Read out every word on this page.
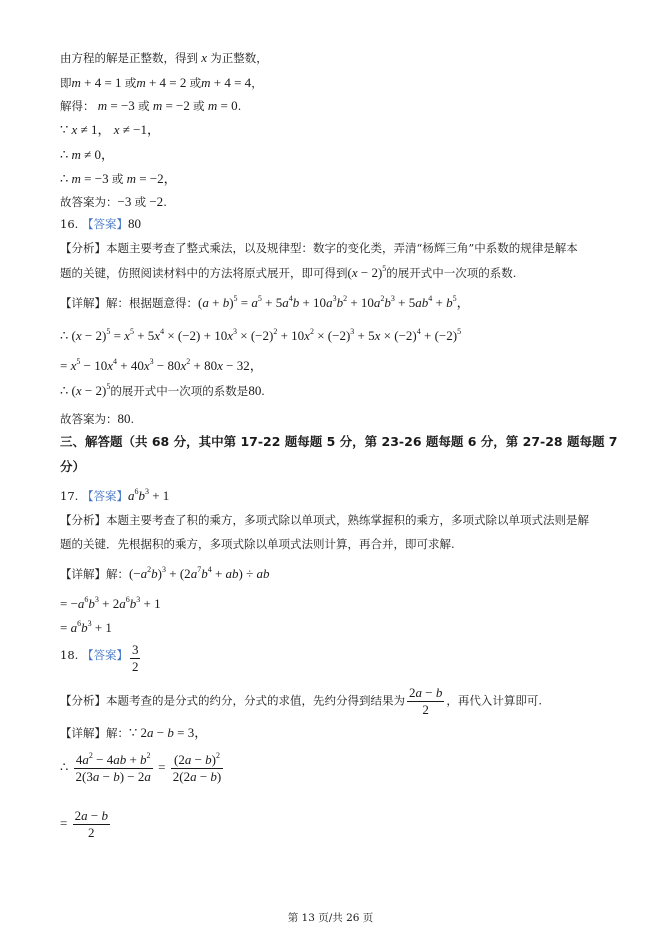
由方程的解是正整数，得到 x 为正整数，
即m + 4 = 1 或m + 4 = 2 或m + 4 = 4，
解得： m = −3 或 m = −2 或 m = 0.
∵ x ≠ 1， x ≠ −1，
∴ m ≠ 0，
∴ m = −3 或 m = −2，
故答案为：−3 或 −2.
16. 【答案】80
【分析】本题主要考查了整式乘法，以及规律型：数字的变化类，弄清“杨辉三角”中系数的规律是解本
题的关键，仿照阅读材料中的方法将原式展开，即可得到$(x - 2)^5$的展开式中一次项的系数.
【详解】解：根据题意得：$(a + b)^5 = a^5 + 5a^4b + 10a^3b^2 + 10a^2b^3 + 5ab^4 + b^5$，
∴ $(x - 2)^5 = x^5 + 5x^4 \times (-2) + 10x^3 \times (-2)^2 + 10x^2 \times (-2)^3 + 5x \times (-2)^4 + (-2)^5$
= $x^5 - 10x^4 + 40x^3 - 80x^2 + 80x - 32$，
∴ $(x - 2)^5$的展开式中一次项的系数是80.
故答案为：80.
三、解答题（共 68 分，其中第 17-22 题每题 5 分，第 23-26 题每题 6 分，第 27-28 题每题 7
分）
17. 【答案】$a^6b^3 + 1$
【分析】本题主要考查了积的乘方，多项式除以单项式，熟练掌握积的乘方，多项式除以单项式法则是解
题的关键．先根据积的乘方，多项式除以单项式法则计算，再合并，即可求解.
【详解】解：$(-a^2b)^3 + (2a^7b^4 + ab)$ ÷ ab
= $-a^6b^3 + 2a^6b^3 + 1$
= $a^6b^3 + 1$
18. 【答案】 $\frac{3}{2}$
【分析】本题考查的是分式的约分，分式的求值，先约分得到结果为 $\frac{2a - b}{2}$ ，再代入计算即可.
【详解】解：∵ 2a − b = 3，
∴ $\frac{4a^2 - 4ab + b^2}{2(3a - b) - 2a} = \frac{(2a - b)^2}{2(2a - b)}$
= $\frac{2a - b}{2}$
第 13 页/共 26 页
